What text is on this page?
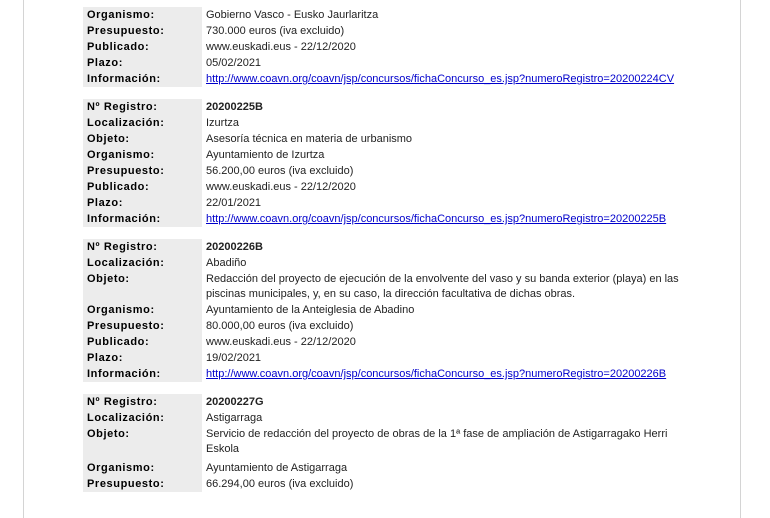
Organismo:	Gobierno Vasco - Eusko Jaurlaritza
Presupuesto:	730.000 euros (iva excluido)
Publicado:	www.euskadi.eus - 22/12/2020
Plazo:	05/02/2021
Información:	http://www.coavn.org/coavn/jsp/concursos/fichaConcurso_es.jsp?numeroRegistro=20200224CV
Nº Registro:	20200225B
Localización:	Izurtza
Objeto:	Asesoría técnica en materia de urbanismo
Organismo:	Ayuntamiento de Izurtza
Presupuesto:	56.200,00 euros (iva excluido)
Publicado:	www.euskadi.eus - 22/12/2020
Plazo:	22/01/2021
Información:	http://www.coavn.org/coavn/jsp/concursos/fichaConcurso_es.jsp?numeroRegistro=20200225B
Nº Registro:	20200226B
Localización:	Abadiño
Objeto:	Redacción del proyecto de ejecución de la envolvente del vaso y su banda exterior (playa) en las piscinas municipales, y, en su caso, la dirección facultativa de dichas obras.
Organismo:	Ayuntamiento de la Anteiglesia de Abadino
Presupuesto:	80.000,00 euros (iva excluido)
Publicado:	www.euskadi.eus - 22/12/2020
Plazo:	19/02/2021
Información:	http://www.coavn.org/coavn/jsp/concursos/fichaConcurso_es.jsp?numeroRegistro=20200226B
Nº Registro:	20200227G
Localización:	Astigarraga
Objeto:	Servicio de redacción del proyecto de obras de la 1ª fase de ampliación de Astigarragako Herri Eskola
Organismo:	Ayuntamiento de Astigarraga
Presupuesto:	66.294,00 euros (iva excluido)
